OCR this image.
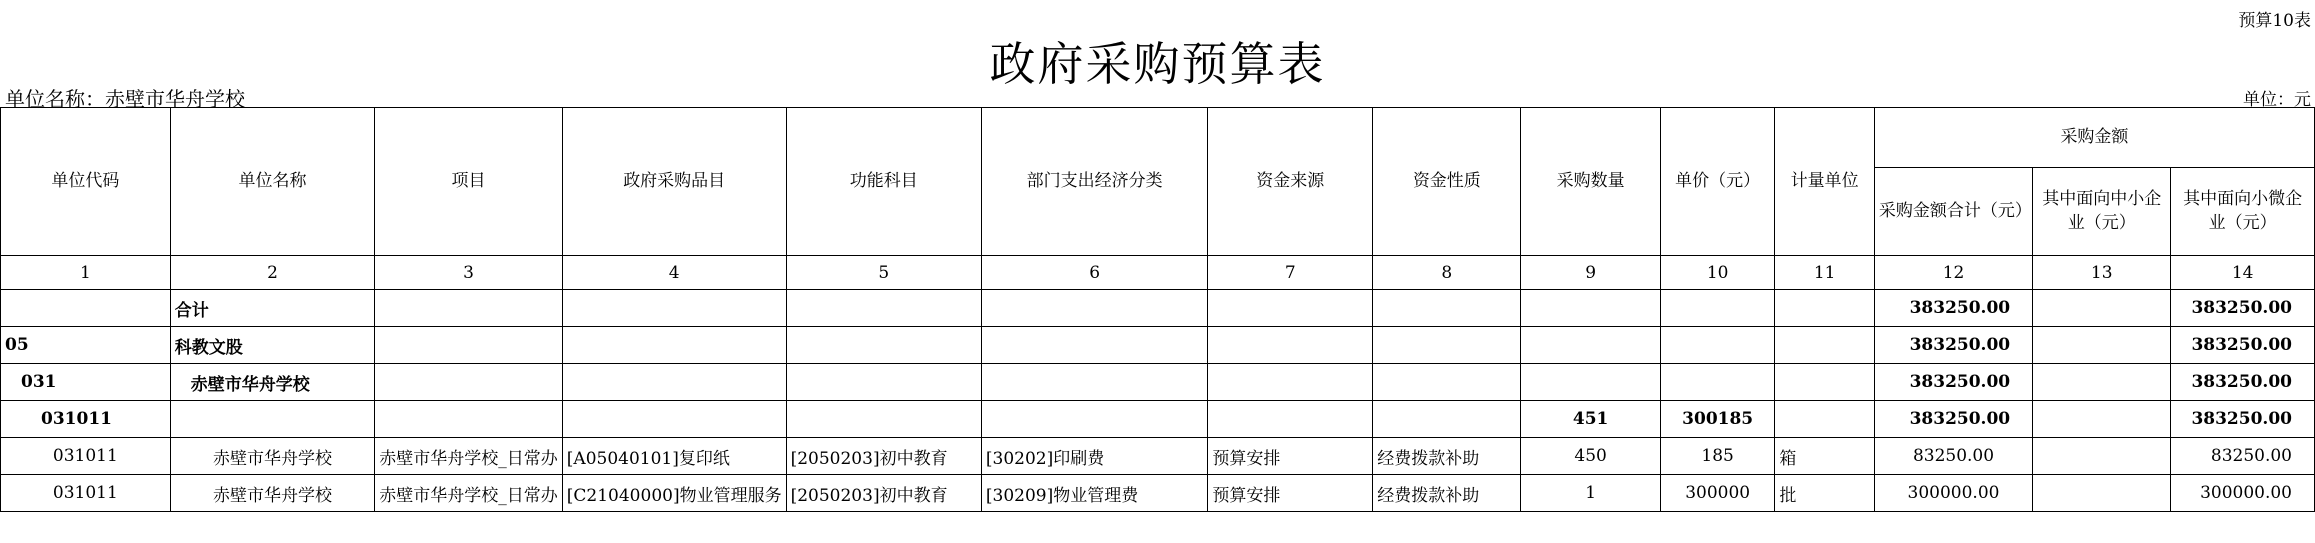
预算10表
政府采购预算表
单位名称：赤壁市华舟学校	单位：元
单位代码	单位名称	项目	政府采购品目	功能科目	部门支出经济分类	资金来源	资金性质	采购数量	单价（元）	计量单位	采购金额		
											采购金额合计（元）	其中面向中小企业（元）	其中面向小微企业（元）
1	2	3	4	5	6	7	8	9	10	11	12	13	14
	合计										383250.00		383250.00
05	科教文股										383250.00		383250.00
031	赤壁市华舟学校										383250.00		383250.00
031011								451	300185		383250.00		383250.00
031011	赤壁市华舟学校	赤壁市华舟学校_日常办	[A05040101]复印纸	[2050203]初中教育	[30202]印刷费	预算安排	经费拨款补助	450	185	箱	83250.00		83250.00
031011	赤壁市华舟学校	赤壁市华舟学校_日常办	[C21040000]物业管理服务	[2050203]初中教育	[30209]物业管理费	预算安排	经费拨款补助	1	300000	批	300000.00		300000.00
